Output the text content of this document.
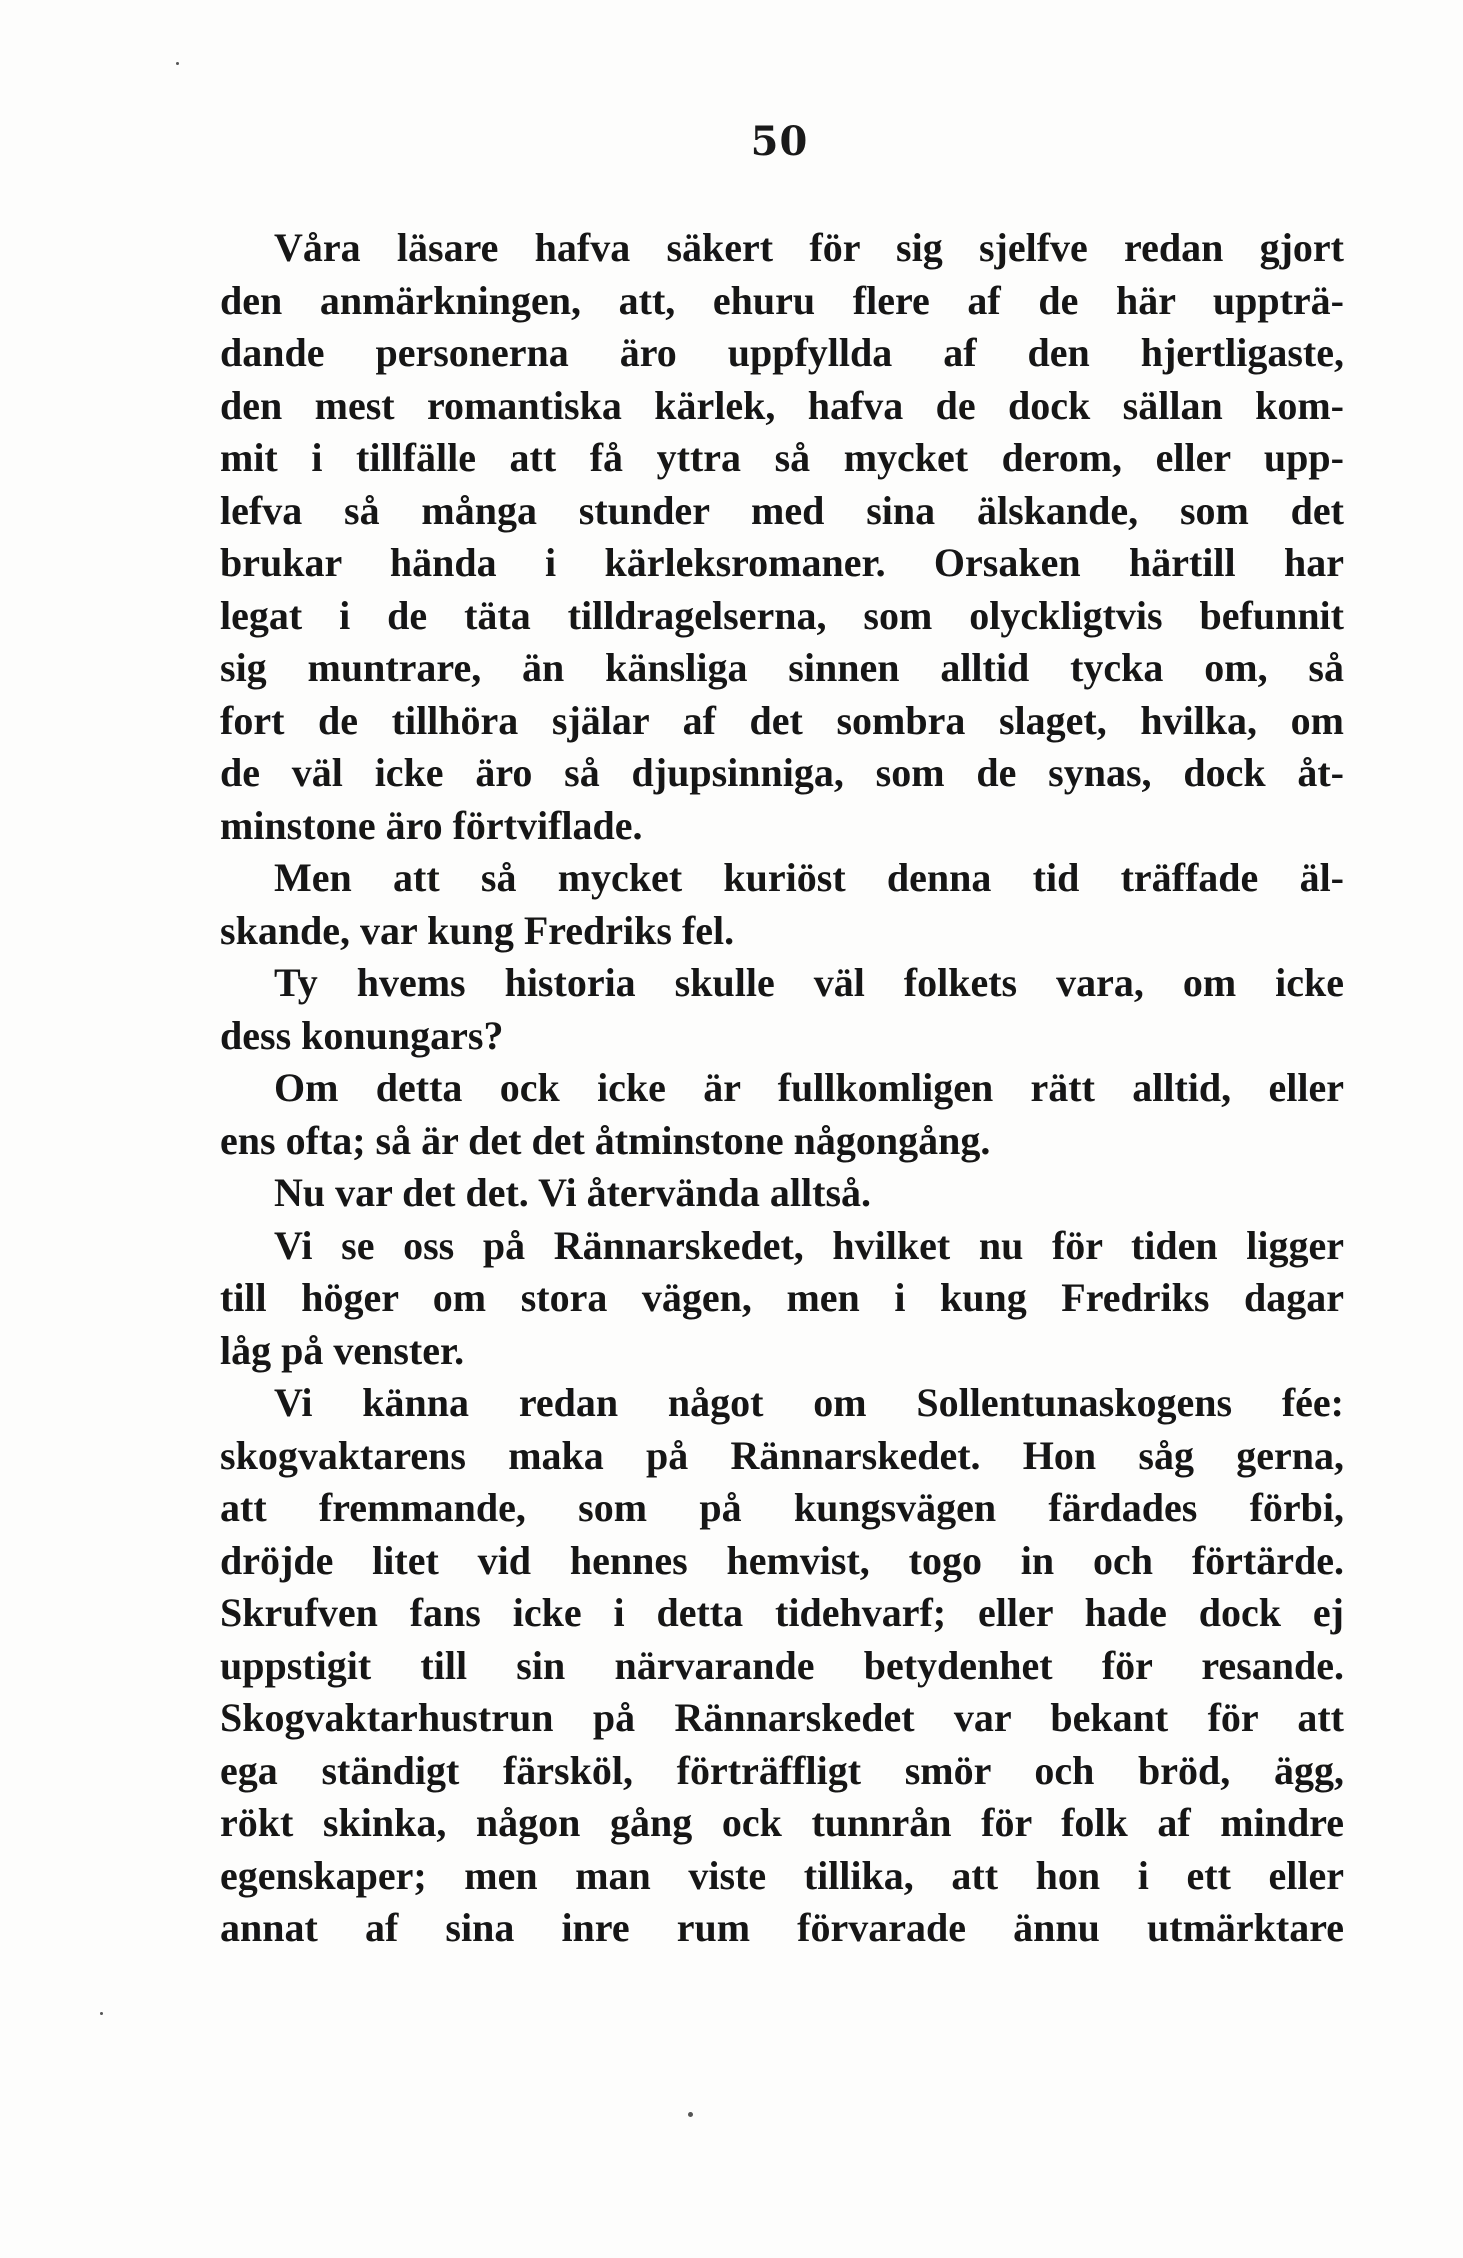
50
Våra läsare hafva säkert för sig sjelfve redan gjort
den anmärkningen, att, ehuru flere af de här uppträ-
dande personerna äro uppfyllda af den hjertligaste,
den mest romantiska kärlek, hafva de dock sällan kom-
mit i tillfälle att få yttra så mycket derom, eller upp-
lefva så många stunder med sina älskande, som det
brukar hända i kärleksromaner. Orsaken härtill har
legat i de täta tilldragelserna, som olyckligtvis befunnit
sig muntrare, än känsliga sinnen alltid tycka om, så
fort de tillhöra själar af det sombra slaget, hvilka, om
de väl icke äro så djupsinniga, som de synas, dock åt-
minstone äro förtviflade.
Men att så mycket kuriöst denna tid träffade äl-
skande, var kung Fredriks fel.
Ty hvems historia skulle väl folkets vara, om icke
dess konungars?
Om detta ock icke är fullkomligen rätt alltid, eller
ens ofta; så är det det åtminstone någongång.
Nu var det det. Vi återvända alltså.
Vi se oss på Rännarskedet, hvilket nu för tiden ligger
till höger om stora vägen, men i kung Fredriks dagar
låg på venster.
Vi känna redan något om Sollentunaskogens fée:
skogvaktarens maka på Rännarskedet. Hon såg gerna,
att fremmande, som på kungsvägen färdades förbi,
dröjde litet vid hennes hemvist, togo in och förtärde.
Skrufven fans icke i detta tidehvarf; eller hade dock ej
uppstigit till sin närvarande betydenhet för resande.
Skogvaktarhustrun på Rännarskedet var bekant för att
ega ständigt färsköl, förträffligt smör och bröd, ägg,
rökt skinka, någon gång ock tunnrån för folk af mindre
egenskaper; men man viste tillika, att hon i ett eller
annat af sina inre rum förvarade ännu utmärktare
